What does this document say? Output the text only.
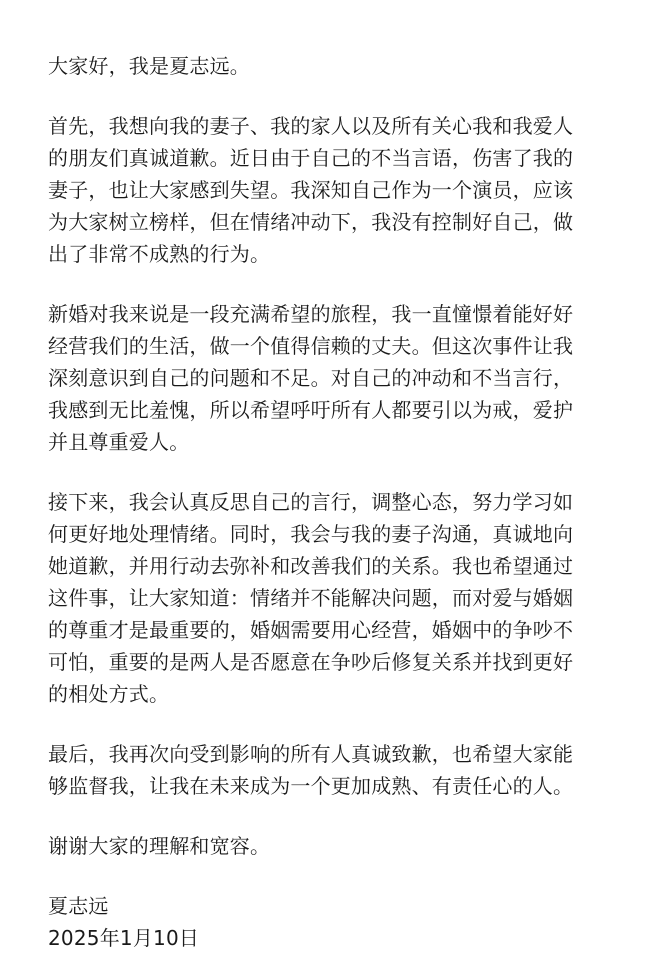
大家好，我是夏志远。
首先，我想向我的妻子、我的家人以及所有关心我和我爱人
的朋友们真诚道歉。近日由于自己的不当言语，伤害了我的
妻子，也让大家感到失望。我深知自己作为一个演员，应该
为大家树立榜样，但在情绪冲动下，我没有控制好自己，做
出了非常不成熟的行为。
新婚对我来说是一段充满希望的旅程，我一直憧憬着能好好
经营我们的生活，做一个值得信赖的丈夫。但这次事件让我
深刻意识到自己的问题和不足。对自己的冲动和不当言行，
我感到无比羞愧，所以希望呼吁所有人都要引以为戒，爱护
并且尊重爱人。
接下来，我会认真反思自己的言行，调整心态，努力学习如
何更好地处理情绪。同时，我会与我的妻子沟通，真诚地向
她道歉，并用行动去弥补和改善我们的关系。我也希望通过
这件事，让大家知道：情绪并不能解决问题，而对爱与婚姻
的尊重才是最重要的，婚姻需要用心经营，婚姻中的争吵不
可怕，重要的是两人是否愿意在争吵后修复关系并找到更好
的相处方式。
最后，我再次向受到影响的所有人真诚致歉，也希望大家能
够监督我，让我在未来成为一个更加成熟、有责任心的人。
谢谢大家的理解和宽容。
夏志远
2025年1月10日
